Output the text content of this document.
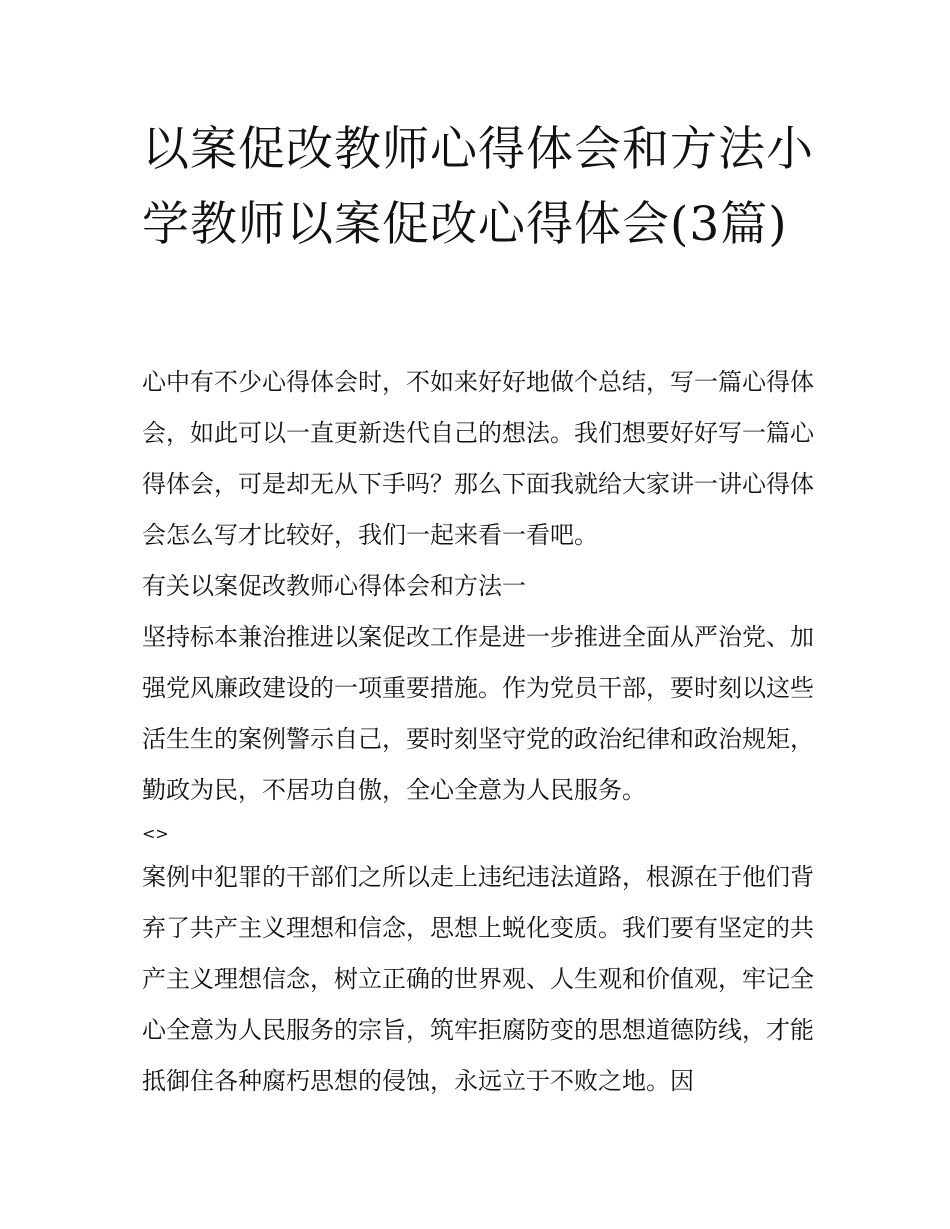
以案促改教师心得体会和方法小学教师以案促改心得体会(3篇)

心中有不少心得体会时，不如来好好地做个总结，写一篇心得体会，如此可以一直更新迭代自己的想法。我们想要好好写一篇心得体会，可是却无从下手吗？那么下面我就给大家讲一讲心得体会怎么写才比较好，我们一起来看一看吧。

有关以案促改教师心得体会和方法一

坚持标本兼治推进以案促改工作是进一步推进全面从严治党、加强党风廉政建设的一项重要措施。作为党员干部，要时刻以这些活生生的案例警示自己，要时刻坚守党的政治纪律和政治规矩，勤政为民，不居功自傲，全心全意为人民服务。

<>

案例中犯罪的干部们之所以走上违纪违法道路，根源在于他们背弃了共产主义理想和信念，思想上蜕化变质。我们要有坚定的共产主义理想信念，树立正确的世界观、人生观和价值观，牢记全心全意为人民服务的宗旨，筑牢拒腐防变的思想道德防线，才能抵御住各种腐朽思想的侵蚀，永远立于不败之地。因
